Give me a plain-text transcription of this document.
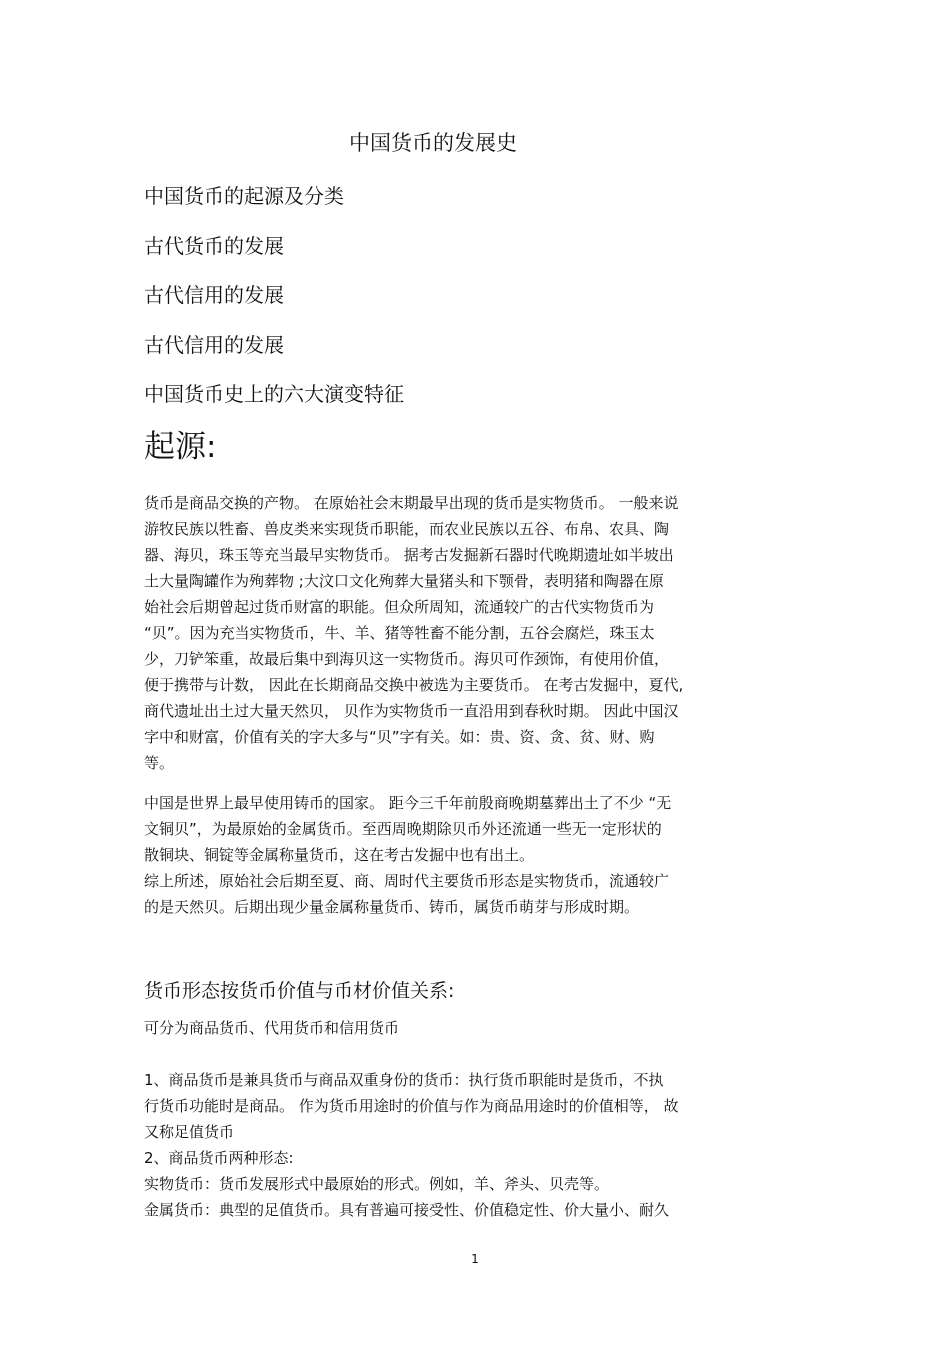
中国货币的发展史
中国货币的起源及分类
古代货币的发展
古代信用的发展
古代信用的发展
中国货币史上的六大演变特征
起源:
货币是商品交换的产物。 在原始社会末期最早出现的货币是实物货币。 一般来说
游牧民族以牲畜、兽皮类来实现货币职能，而农业民族以五谷、布帛、农具、陶
器、海贝，珠玉等充当最早实物货币。 据考古发掘新石器时代晚期遗址如半坡出
土大量陶罐作为殉葬物 ;大汶口文化殉葬大量猪头和下颚骨，表明猪和陶器在原
始社会后期曾起过货币财富的职能。但众所周知，流通较广的古代实物货币为
“贝”。因为充当实物货币，牛、羊、猪等牲畜不能分割，五谷会腐烂，珠玉太
少，刀铲笨重，故最后集中到海贝这一实物货币。海贝可作颈饰，有使用价值，
便于携带与计数， 因此在长期商品交换中被选为主要货币。 在考古发掘中，夏代,
商代遗址出土过大量天然贝， 贝作为实物货币一直沿用到春秋时期。 因此中国汉
字中和财富，价值有关的字大多与“贝”字有关。如：贵、资、贪、贫、财、购
等。
中国是世界上最早使用铸币的国家。 距今三千年前殷商晚期墓葬出土了不少 “无
文铜贝”，为最原始的金属货币。至西周晚期除贝币外还流通一些无一定形状的
散铜块、铜锭等金属称量货币，这在考古发掘中也有出土。
综上所述，原始社会后期至夏、商、周时代主要货币形态是实物货币，流通较广
的是天然贝。后期出现少量金属称量货币、铸币，属货币萌芽与形成时期。
货币形态按货币价值与币材价值关系:
可分为商品货币、代用货币和信用货币
1、商品货币是兼具货币与商品双重身份的货币：执行货币职能时是货币，不执
行货币功能时是商品。 作为货币用途时的价值与作为商品用途时的价值相等， 故
又称足值货币
2、商品货币两种形态:
实物货币：货币发展形式中最原始的形式。例如，羊、斧头、贝壳等。
金属货币：典型的足值货币。具有普遍可接受性、价值稳定性、价大量小、耐久
1
